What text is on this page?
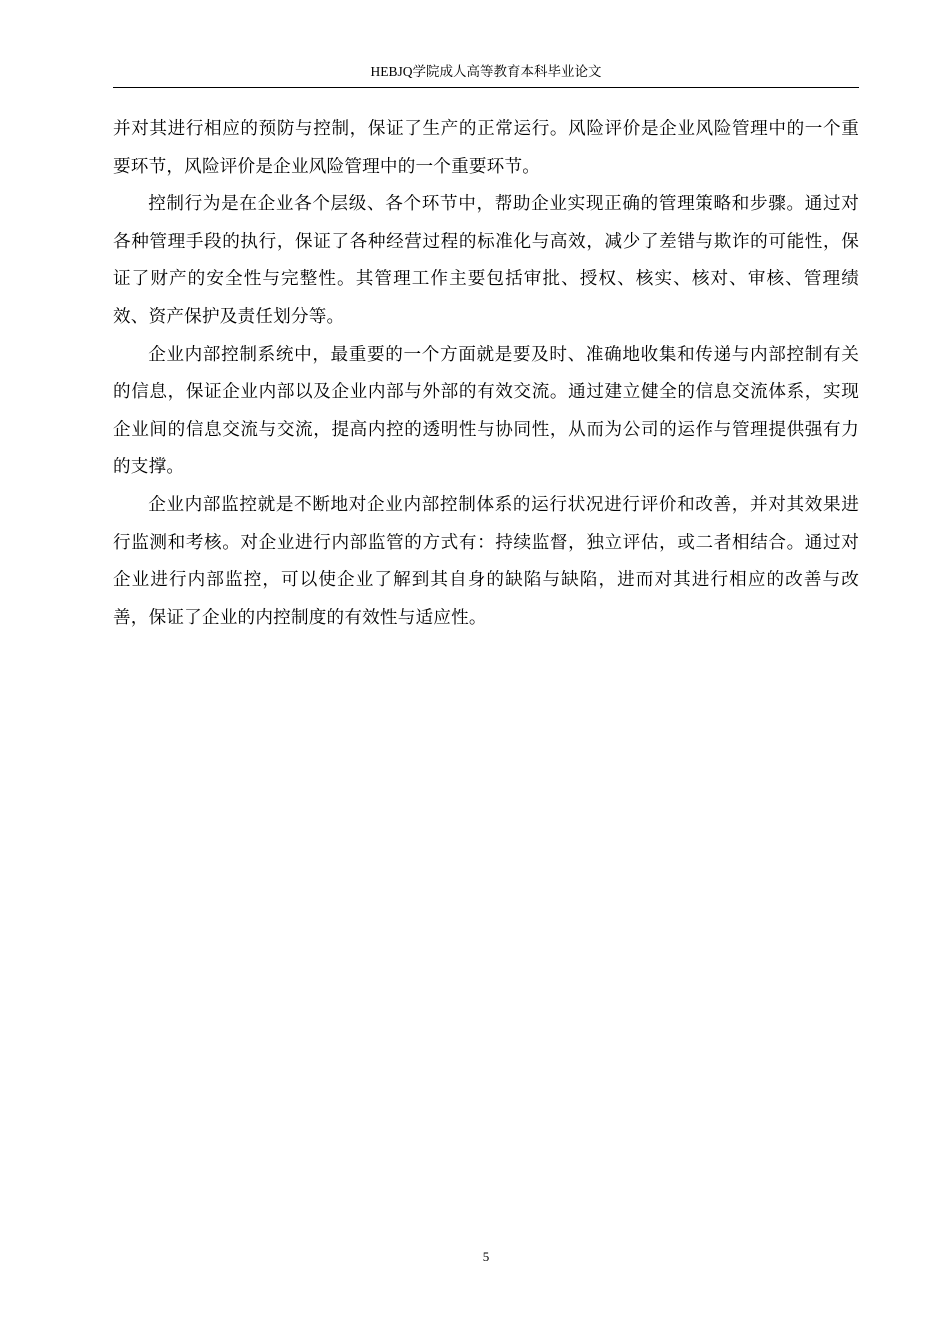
HEBJQ学院成人高等教育本科毕业论文

并对其进行相应的预防与控制，保证了生产的正常运行。风险评价是企业风险管理中的一个重要环节，风险评价是企业风险管理中的一个重要环节。

控制行为是在企业各个层级、各个环节中，帮助企业实现正确的管理策略和步骤。通过对各种管理手段的执行，保证了各种经营过程的标准化与高效，减少了差错与欺诈的可能性，保证了财产的安全性与完整性。其管理工作主要包括审批、授权、核实、核对、审核、管理绩效、资产保护及责任划分等。

企业内部控制系统中，最重要的一个方面就是要及时、准确地收集和传递与内部控制有关的信息，保证企业内部以及企业内部与外部的有效交流。通过建立健全的信息交流体系，实现企业间的信息交流与交流，提高内控的透明性与协同性，从而为公司的运作与管理提供强有力的支撑。

企业内部监控就是不断地对企业内部控制体系的运行状况进行评价和改善，并对其效果进行监测和考核。对企业进行内部监管的方式有：持续监督，独立评估，或二者相结合。通过对企业进行内部监控，可以使企业了解到其自身的缺陷与缺陷，进而对其进行相应的改善与改善，保证了企业的内控制度的有效性与适应性。

5
